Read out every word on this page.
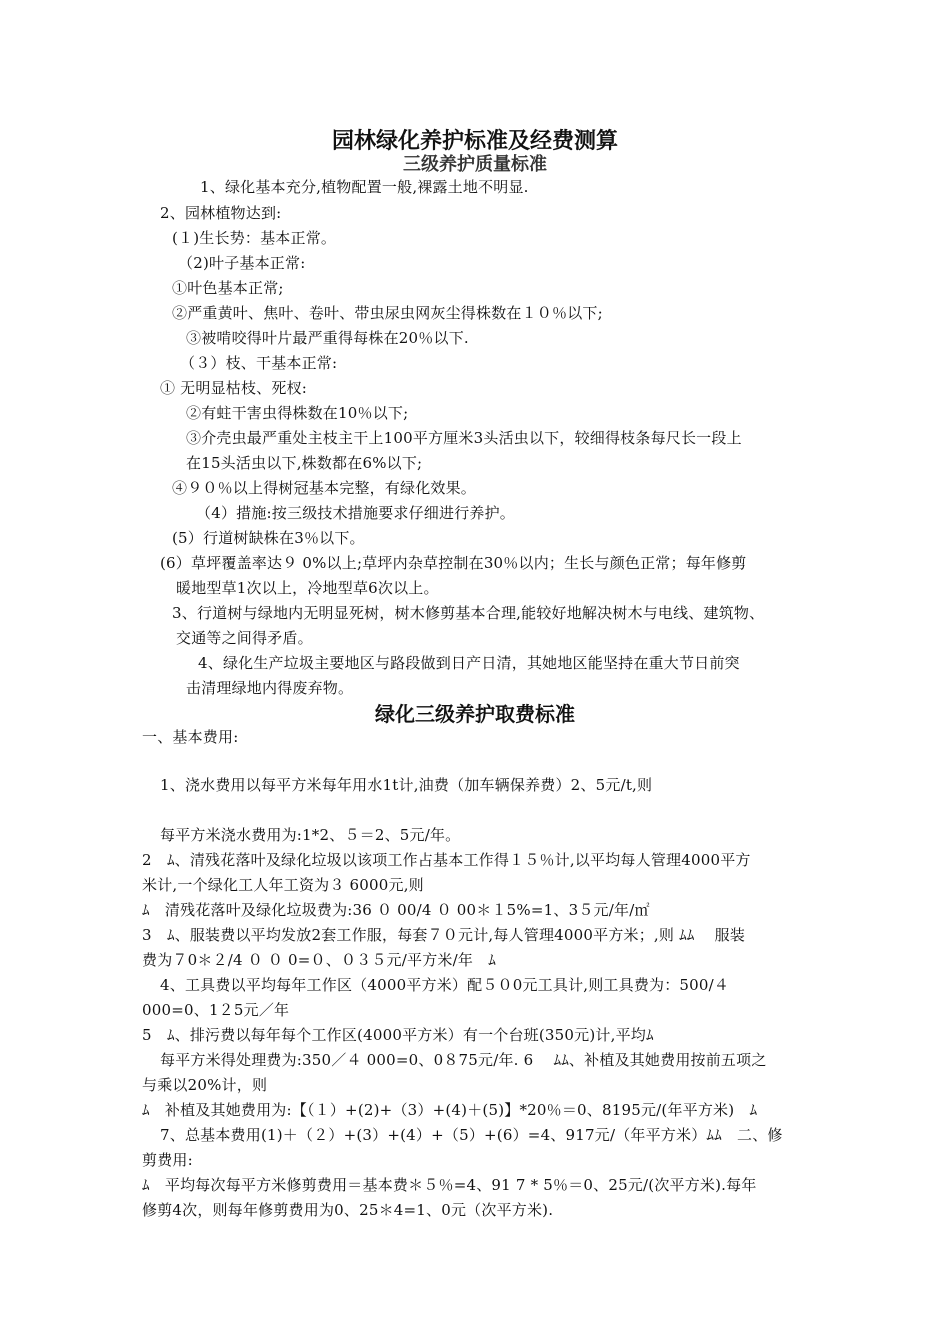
园林绿化养护标准及经费测算
三级养护质量标准
1、绿化基本充分,植物配置一般,裸露土地不明显.
2、园林植物达到:
(１)生长势：基本正常。
（2)叶子基本正常:
①叶色基本正常;
②严重黄叶、焦叶、卷叶、带虫尿虫网灰尘得株数在１０％以下;
③被啃咬得叶片最严重得每株在20％以下.
（３）枝、干基本正常:
① 无明显枯枝、死杈:
②有蛀干害虫得株数在10％以下;
③介壳虫最严重处主枝主干上100平方厘米3头活虫以下，较细得枝条每尺长一段上
在15头活虫以下,株数都在6%以下;
④９０％以上得树冠基本完整，有绿化效果。
（4）措施:按三级技术措施要求仔细进行养护。
(5）行道树缺株在3％以下。
(6）草坪覆盖率达９ 0%以上;草坪内杂草控制在30％以内；生长与颜色正常；每年修剪
暖地型草1次以上，冷地型草6次以上。
3、行道树与绿地内无明显死树，树木修剪基本合理,能较好地解决树木与电线、建筑物、
交通等之间得矛盾。
4、绿化生产垃圾主要地区与路段做到日产日清，其她地区能坚持在重大节日前突
击清理绿地内得废弃物。
绿化三级养护取费标准
一、基本费用:
1、浇水费用以每平方米每年用水1t计,油费（加车辆保养费）2、5元/t,则
每平方米浇水费用为:1*2、５＝2、5元/年。
2　ﾑ、清残花落叶及绿化垃圾以该项工作占基本工作得１５％计,以平均每人管理4000平方
米计,一个绿化工人年工资为３ 6000元,则
ﾑ　清残花落叶及绿化垃圾费为:36 ０ 00/4 ０ 00＊１5%=1、3５元/年/㎡
3　ﾑ、服装费以平均发放2套工作服，每套７０元计,每人管理4000平方米；,则 ﾑﾑ　 服装
费为７0＊２/4 ０ ０ 0=０、０３５元/平方米/年　ﾑ
4、工具费以平均每年工作区（4000平方米）配５０0元工具计,则工具费为：500/４
000=0、1２5元／年
5　ﾑ、排污费以每年每个工作区(4000平方米）有一个台班(350元)计,平均ﾑ
每平方米得处理费为:350／４ 000=0、0８75元/年. 6　 ﾑﾑ、补植及其她费用按前五项之
与乘以20%计，则
ﾑ　补植及其她费用为:【（１）+(2)+（3）+(4)＋(5)】*20％＝0、8195元/(年平方米)　ﾑ
7、总基本费用(1)＋（２）+(3）+(4）+（5）+(6）=4、917元/（年平方米）ﾑﾑ　二、修
剪费用:
ﾑ　平均每次每平方米修剪费用＝基本费＊５％=4、91 7 * 5％＝0、25元/(次平方米).每年
修剪4次，则每年修剪费用为0、25＊4=1、0元（次平方米).
